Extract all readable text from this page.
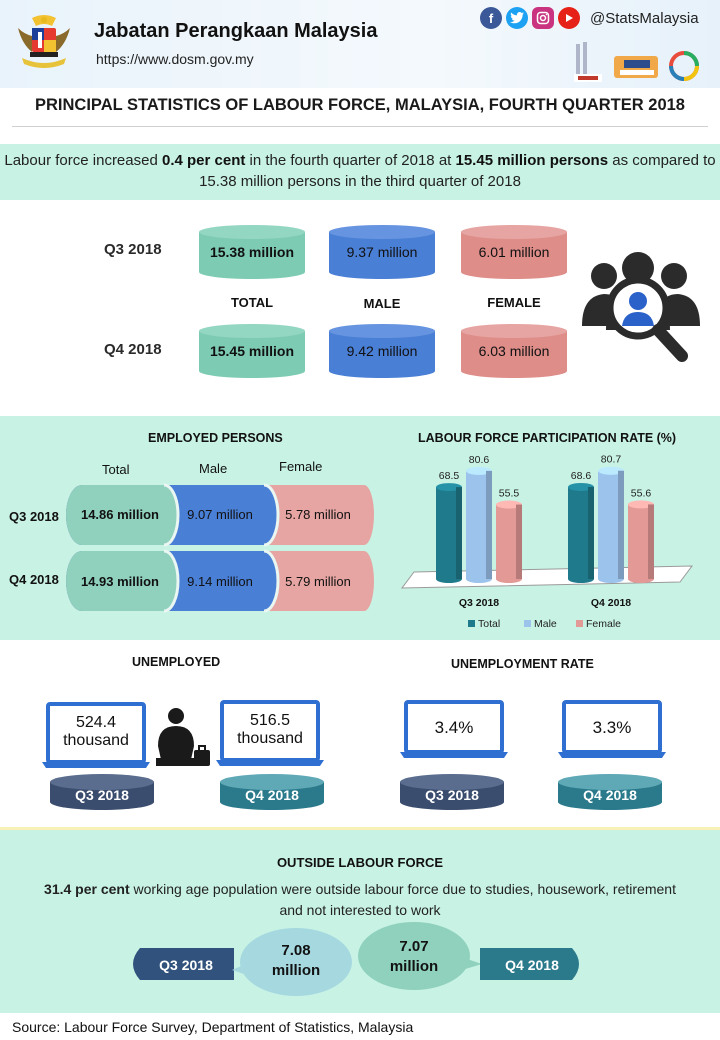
Jabatan Perangkaan Malaysia
https://www.dosm.gov.my
f	@StatsMalaysia
PRINCIPAL STATISTICS OF LABOUR FORCE, MALAYSIA, FOURTH QUARTER 2018
Labour force increased 0.4 per cent in the fourth quarter of 2018 at 15.45 million persons as compared to 15.38 million persons in the third quarter of 2018
Q3 2018
Q4 2018
15.38 million	9.37 million	6.01 million
TOTAL	MALE	FEMALE
15.45 million	9.42 million	6.03 million
EMPLOYED PERSONS
Total	Male	Female
Q3 2018
Q4 2018
14.86 million	9.07 million	5.78 million
14.93 million	9.14 million	5.79 million
LABOUR FORCE PARTICIPATION RATE (%)
68.5
80.6
55.5
Q3 2018
68.6
80.7
55.6
Q4 2018
Total	Male	Female
UNEMPLOYED	UNEMPLOYMENT RATE
524.4
thousand
516.5
thousand
3.4%	3.3%
Q3 2018	Q4 2018	Q3 2018	Q4 2018
OUTSIDE LABOUR FORCE
31.4 per cent working age population were outside labour force due to studies, housework, retirement
and not interested to work
Q3 2018
7.08
million
7.07
million	Q4 2018
Source: Labour Force Survey, Department of Statistics, Malaysia
